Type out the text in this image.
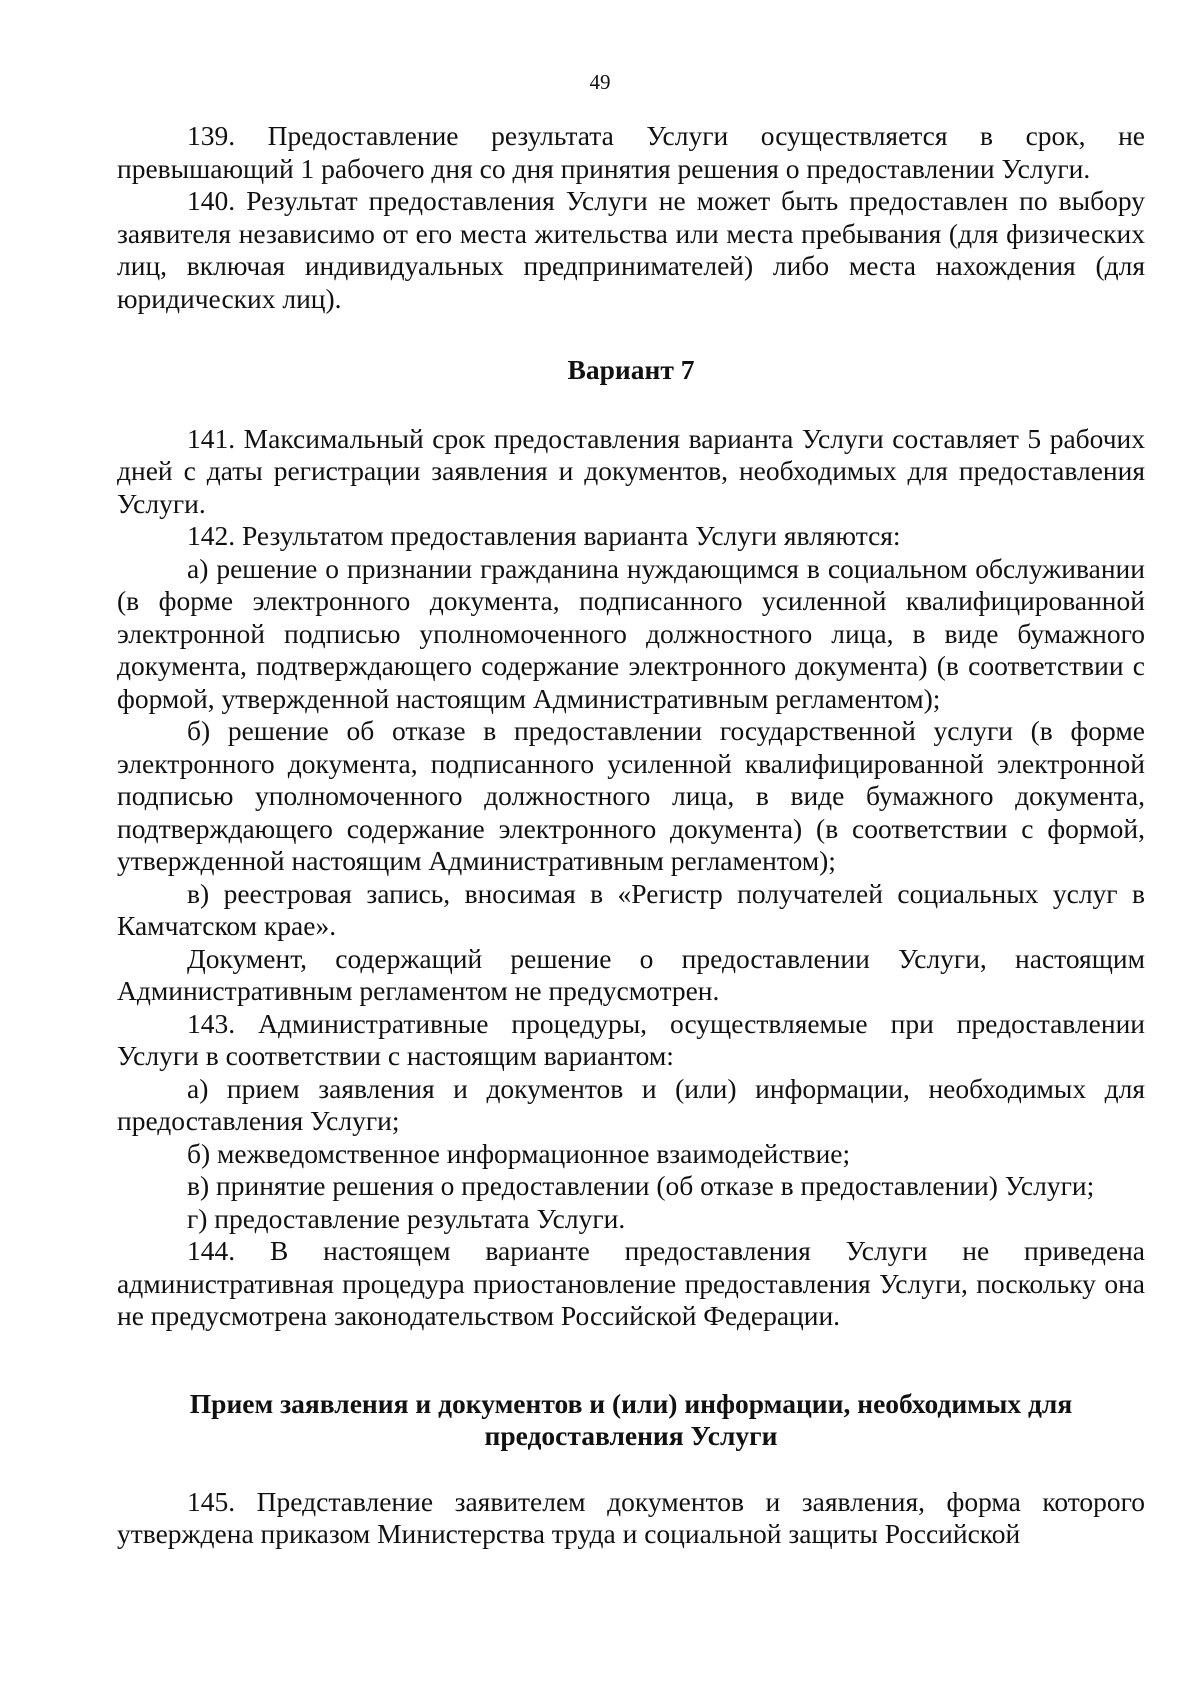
49

139. Предоставление результата Услуги осуществляется в срок, не превышающий 1 рабочего дня со дня принятия решения о предоставлении Услуги.

140. Результат предоставления Услуги не может быть предоставлен по выбору заявителя независимо от его места жительства или места пребывания (для физических лиц, включая индивидуальных предпринимателей) либо места нахождения (для юридических лиц).

Вариант 7

141. Максимальный срок предоставления варианта Услуги составляет 5 рабочих дней с даты регистрации заявления и документов, необходимых для предоставления Услуги.

142. Результатом предоставления варианта Услуги являются:

а) решение о признании гражданина нуждающимся в социальном обслуживании (в форме электронного документа, подписанного усиленной квалифицированной электронной подписью уполномоченного должностного лица, в виде бумажного документа, подтверждающего содержание электронного документа) (в соответствии с формой, утвержденной настоящим Административным регламентом);

б) решение об отказе в предоставлении государственной услуги (в форме электронного документа, подписанного усиленной квалифицированной электронной подписью уполномоченного должностного лица, в виде бумажного документа, подтверждающего содержание электронного документа) (в соответствии с формой, утвержденной настоящим Административным регламентом);

в) реестровая запись, вносимая в «Регистр получателей социальных услуг в Камчатском крае».

Документ, содержащий решение о предоставлении Услуги, настоящим Административным регламентом не предусмотрен.

143. Административные процедуры, осуществляемые при предоставлении Услуги в соответствии с настоящим вариантом:

а) прием заявления и документов и (или) информации, необходимых для предоставления Услуги;

б) межведомственное информационное взаимодействие;

в) принятие решения о предоставлении (об отказе в предоставлении) Услуги;

г) предоставление результата Услуги.

144. В настоящем варианте предоставления Услуги не приведена административная процедура приостановление предоставления Услуги, поскольку она не предусмотрена законодательством Российской Федерации.

Прием заявления и документов и (или) информации, необходимых для
предоставления Услуги

145. Представление заявителем документов и заявления, форма которого утверждена приказом Министерства труда и социальной защиты Российской
